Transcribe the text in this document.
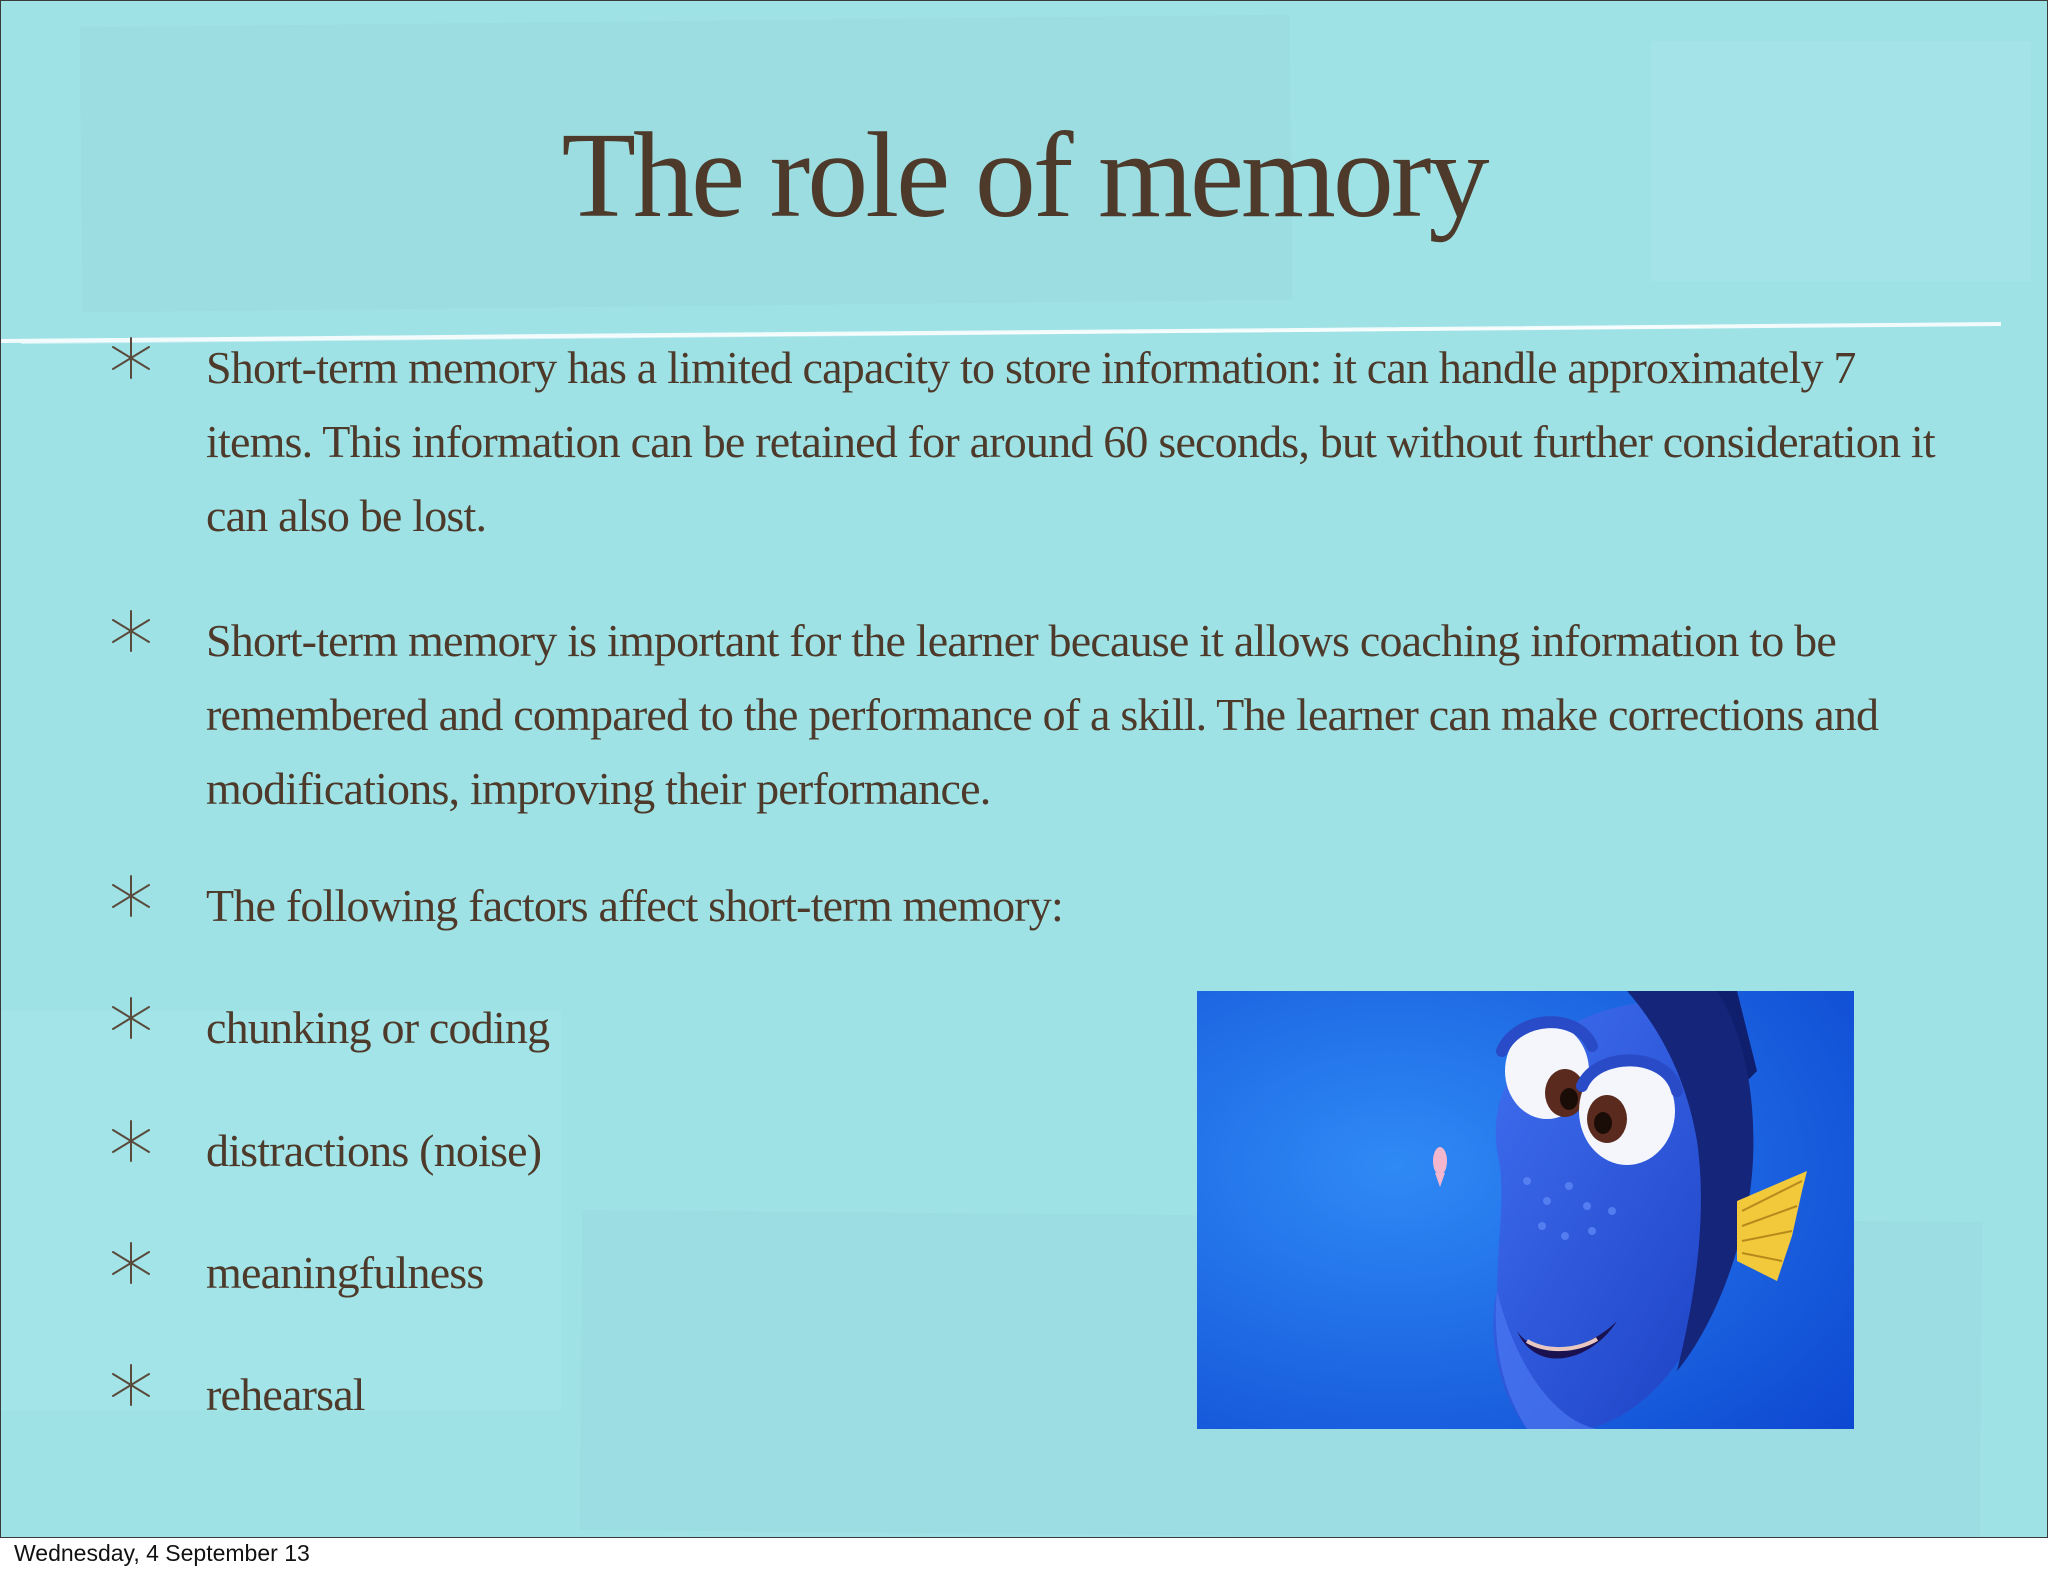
The role of memory
Short-term memory has a limited capacity to store information: it can handle approximately 7 items. This information can be retained for around 60 seconds, but without further consideration it can also be lost.
Short-term memory is important for the learner because it allows coaching information to be remembered and compared to the performance of a skill. The learner can make corrections and modifications, improving their performance.
The following factors affect short-term memory:
chunking or coding
distractions (noise)
meaningfulness
rehearsal
Wednesday, 4 September 13
